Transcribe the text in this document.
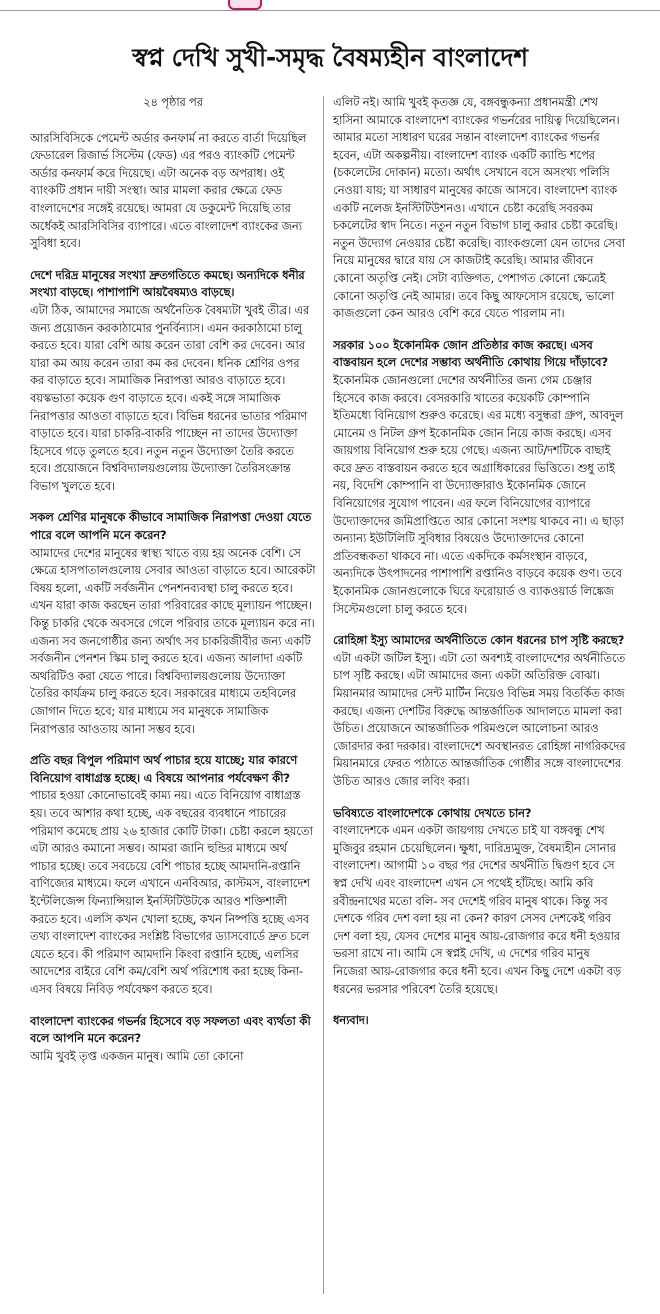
স্বপ্ন দেখি সুখী-সমৃদ্ধ বৈষম্যহীন বাংলাদেশ
২৪ পৃষ্ঠার পর

আরসিবিসিকে পেমেন্ট অর্ডার কনফার্ম না করতে বার্তা দিয়েছিল ফেডারেল রিজার্ভ সিস্টেম (ফেড) এর পরও ব্যাংকটি পেমেন্ট অর্ডার কনফার্ম করে দিয়েছে। এটা অনেক বড় অপরাধ। ওই ব্যাংকটি প্রধান দায়ী সংস্থা। আর মামলা করার ক্ষেত্রে ফেড বাংলাদেশের সঙ্গেই রয়েছে। আমরা যে ডকুমেন্ট দিয়েছি তার অর্ধেকই আরসিবিসির ব্যাপারে। এতে বাংলাদেশ ব্যাংকের জন্য সুবিধা হবে।

দেশে দরিদ্র মানুষের সংখ্যা দ্রুতগতিতে কমছে। অন্যদিকে ধনীর সংখ্যা বাড়ছে। পাশাপাশি আয়বৈষম্যও বাড়ছে।

এটা ঠিক, আমাদের সমাজে অর্থনৈতিক বৈষম্যটা খুবই তীব্র। এর জন্য প্রয়োজন করকাঠামোর পুনর্বিন্যাস। এমন করকাঠামো চালু করতে হবে। যারা বেশি আয় করেন তারা বেশি কর দেবেন। আর যারা কম আয় করেন তারা কম কর দেবেন। ধনিক শ্রেণির ওপর কর বাড়াতে হবে। সামাজিক নিরাপত্তা আরও বাড়াতে হবে। বয়স্কভাতা কয়েক গুণ বাড়াতে হবে। একই সঙ্গে সামাজিক নিরাপত্তার আওতা বাড়াতে হবে। বিভিন্ন ধরনের ভাতার পরিমাণ বাড়াতে হবে। যারা চাকরি-বাকরি পাচ্ছেন না তাদের উদ্যোক্তা হিসেবে গড়ে তুলতে হবে। নতুন নতুন উদ্যোক্তা তৈরি করতে হবে। প্রয়োজনে বিশ্ববিদ্যালয়গুলোয় উদ্যোক্তা তৈরিসংক্রান্ত বিভাগ খুলতে হবে।

সকল শ্রেণির মানুষকে কীভাবে সামাজিক নিরাপত্তা দেওয়া যেতে পারে বলে আপনি মনে করেন?

আমাদের দেশের মানুষের স্বাস্থ্য খাতে ব্যয় হয় অনেক বেশি। সে ক্ষেত্রে হাসপাতালগুলোয় সেবার আওতা বাড়াতে হবে। আরেকটা বিষয় হলো, একটি সর্বজনীন পেনশনব্যবস্থা চালু করতে হবে। এখন যারা কাজ করছেন তারা পরিবারের কাছে মূল্যায়ন পাচ্ছেন। কিন্তু চাকরি থেকে অবসরে গেলে পরিবার তাকে মূল্যায়ন করে না। এজন্য সব জনগোষ্ঠীর জন্য অর্থাৎ সব চাকরিজীবীর জন্য একটি সর্বজনীন পেনশন স্কিম চালু করতে হবে। এজন্য আলাদা একটি অথরিটিও করা যেতে পারে। বিশ্ববিদ্যালয়গুলোয় উদ্যোক্তা তৈরির কার্যক্রম চালু করতে হবে। সরকারের মাধ্যমে তহবিলের জোগান দিতে হবে; যার মাধ্যমে সব মানুষকে সামাজিক নিরাপত্তার আওতায় আনা সম্ভব হবে।

প্রতি বছর বিপুল পরিমাণ অর্থ পাচার হয়ে যাচ্ছে; যার কারণে বিনিয়োগ বাধাগ্রস্ত হচ্ছে। এ বিষয়ে আপনার পর্যবেক্ষণ কী?

পাচার হওয়া কোনোভাবেই কাম্য নয়। এতে বিনিয়োগ বাধাগ্রস্ত হয়। তবে আশার কথা হচ্ছে, এক বছরের ব্যবধানে পাচারের পরিমাণ কমেছে প্রায় ২৬ হাজার কোটি টাকা। চেষ্টা করলে হয়তো এটা আরও কমানো সম্ভব। আমরা জানি হুন্ডির মাধ্যমে অর্থ পাচার হচ্ছে। তবে সবচেয়ে বেশি পাচার হচ্ছে আমদানি-রপ্তানি বাণিজ্যের মাধ্যমে। ফলে এখানে এনবিআর, কাস্টমস, বাংলাদেশ ইন্টেলিজেন্স ফিন্যান্সিয়াল ইনস্টিটিউটকে আরও শক্তিশালী করতে হবে। এলসি কখন খোলা হচ্ছে, কখন নিষ্পত্তি হচ্ছে এসব তথ্য বাংলাদেশ ব্যাংকের সংশ্লিষ্ট বিভাগের ড্যাসবোর্ডে দ্রুত চলে যেতে হবে। কী পরিমাণ আমদানি কিংবা রপ্তানি হচ্ছে, এলসির আদেশের বাইরে বেশি কম/বেশি অর্থ পরিশোধ করা হচ্ছে কিনা- এসব বিষয়ে নিবিড় পর্যবেক্ষণ করতে হবে।

বাংলাদেশ ব্যাংকের গভর্নর হিসেবে বড় সফলতা এবং ব্যর্থতা কী বলে আপনি মনে করেন?

আমি খুবই তৃপ্ত একজন মানুষ। আমি তো কোনো

এলিট নই। আমি খুবই কৃতজ্ঞ যে, বঙ্গবন্ধুকন্যা প্রধানমন্ত্রী শেখ হাসিনা আমাকে বাংলাদেশ ব্যাংকের গভর্নরের দায়িত্ব দিয়েছিলেন। আমার মতো সাধারণ ঘরের সন্তান বাংলাদেশ ব্যাংকের গভর্নর হবেন, এটা অকল্পনীয়। বাংলাদেশ ব্যাংক একটি ক্যান্ডি শপের (চকলেটের দোকান) মতো। অর্থাৎ সেখানে বসে অসংখ্য পলিসি নেওয়া যায়; যা সাধারণ মানুষের কাজে আসবে। বাংলাদেশ ব্যাংক একটি নলেজ ইনস্টিটিউশনও। এখানে চেষ্টা করেছি সবরকম চকলেটের স্বাদ নিতে। নতুন নতুন বিভাগ চালু করার চেষ্টা করেছি। নতুন উদ্যোগ নেওয়ার চেষ্টা করেছি। ব্যাংকগুলো যেন তাদের সেবা নিয়ে মানুষের দ্বারে যায় সে কাজটাই করেছি। আমার জীবনে কোনো অতৃপ্তি নেই। সেটা ব্যক্তিগত, পেশাগত কোনো ক্ষেত্রেই কোনো অতৃপ্তি নেই আমার। তবে কিছু আফসোস রয়েছে, ভালো কাজগুলো কেন আরও বেশি করে যেতে পারলাম না।

সরকার ১০০ ইকোনমিক জোন প্রতিষ্ঠার কাজ করছে। এসব বাস্তবায়ন হলে দেশের সম্ভাব্য অর্থনীতি কোথায় গিয়ে দাঁড়াবে?

ইকোনমিক জোনগুলো দেশের অর্থনীতির জন্য গেম চেঞ্জার হিসেবে কাজ করবে। বেসরকারি খাতের কয়েকটি কোম্পানি ইতিমধ্যে বিনিয়োগ শুরুও করেছে। এর মধ্যে বসুন্ধরা গ্রুপ, আবদুল মোনেম ও নিটল গ্রুপ ইকোনমিক জোন নিয়ে কাজ করছে। এসব জায়গায় বিনিয়োগ শুরু হয়ে গেছে। এজন্য আট/দশটিকে বাছাই করে দ্রুত বাস্তবায়ন করতে হবে অগ্রাধিকারের ভিত্তিতে। শুধু তাই নয়, বিদেশি কোম্পানি বা উদ্যোক্তারাও ইকোনমিক জোনে বিনিয়োগের সুযোগ পাবেন। এর ফলে বিনিয়োগের ব্যাপারে উদ্যোক্তাদের জমিপ্রাপ্তিতে আর কোনো সংশয় থাকবে না। এ ছাড়া অন্যান্য ইউটিলিটি সুবিধার বিষয়েও উদ্যোক্তাদের কোনো প্রতিবন্ধকতা থাকবে না। এতে একদিকে কর্মসংস্থান বাড়বে, অন্যদিকে উৎপাদনের পাশাপাশি রপ্তানিও বাড়বে কয়েক গুণ। তবে ইকোনমিক জোনগুলোকে ঘিরে ফরোয়ার্ড ও ব্যাকওয়ার্ড লিঙ্কেজ সিস্টেমগুলো চালু করতে হবে।

রোহিঙ্গা ইস্যু আমাদের অর্থনীতিতে কোন ধরনের চাপ সৃষ্টি করছে?

এটা একটা জটিল ইস্যু। এটা তো অবশ্যই বাংলাদেশের অর্থনীতিতে চাপ সৃষ্টি করছে। এটা আমাদের জন্য একটা অতিরিক্ত বোঝা। মিয়ানমার আমাদের সেন্ট মার্টিন নিয়েও বিভিন্ন সময় বিতর্কিত কাজ করছে। এজন্য দেশটির বিরুদ্ধে আন্তর্জাতিক আদালতে মামলা করা উচিত। প্রয়োজনে আন্তর্জাতিক পরিমণ্ডলে আলোচনা আরও জোরদার করা দরকার। বাংলাদেশে অবস্থানরত রোহিঙ্গা নাগরিকদের মিয়ানমারে ফেরত পাঠাতে আন্তর্জাতিক গোষ্ঠীর সঙ্গে বাংলাদেশের উচিত আরও জোর লবিং করা।

ভবিষ্যতে বাংলাদেশকে কোথায় দেখতে চান?

বাংলাদেশকে এমন একটা জায়গায় দেখতে চাই যা বঙ্গবন্ধু শেখ মুজিবুর রহমান চেয়েছিলেন। ক্ষুধা, দারিদ্র্যমুক্ত, বৈষম্যহীন সোনার বাংলাদেশ। আগামী ১০ বছর পর দেশের অর্থনীতি দ্বিগুণ হবে সে স্বপ্ন দেখি এবং বাংলাদেশ এখন সে পথেই হাঁটছে। আমি কবি রবীন্দ্রনাথের মতো বলি- সব দেশেই গরিব মানুষ থাকে। কিন্তু সব দেশকে গরিব দেশ বলা হয় না কেন? কারণ সেসব দেশকেই গরিব দেশ বলা হয়, যেসব দেশের মানুষ আয়-রোজগার করে ধনী হওয়ার ভরসা রাখে না। আমি সে স্বপ্নই দেখি, এ দেশের গরিব মানুষ নিজেরা আয়-রোজগার করে ধনী হবে। এখন কিছু দেশে একটা বড় ধরনের ভরসার পরিবেশ তৈরি হয়েছে।

ধন্যবাদ।
